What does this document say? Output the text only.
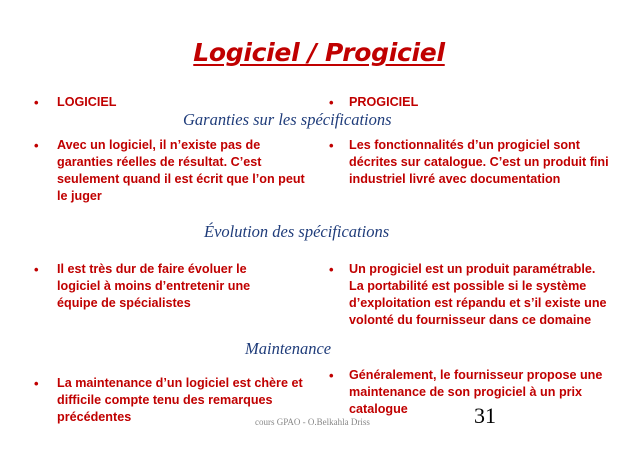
Logiciel / Progiciel
• LOGICIEL	• PROGICIEL
Garanties sur les spécifications
• Avec un logiciel, il n’existe pas de garanties réelles de résultat. C’est seulement quand il est écrit que l’on peut le juger
• Les fonctionnalités d’un progiciel sont décrites sur catalogue. C’est un produit fini industriel livré avec documentation
Évolution des spécifications
• Il est très dur de faire évoluer le logiciel à moins d’entretenir une équipe de spécialistes
• Un progiciel est un produit paramétrable. La portabilité est possible si le système d’exploitation est répandu et s’il existe une volonté du fournisseur dans ce domaine
Maintenance
• La maintenance d’un logiciel est chère et difficile compte tenu des remarques précédentes
• Généralement, le fournisseur propose une maintenance de son progiciel à un prix catalogue
cours GPAO - O.Belkahla Driss	31
